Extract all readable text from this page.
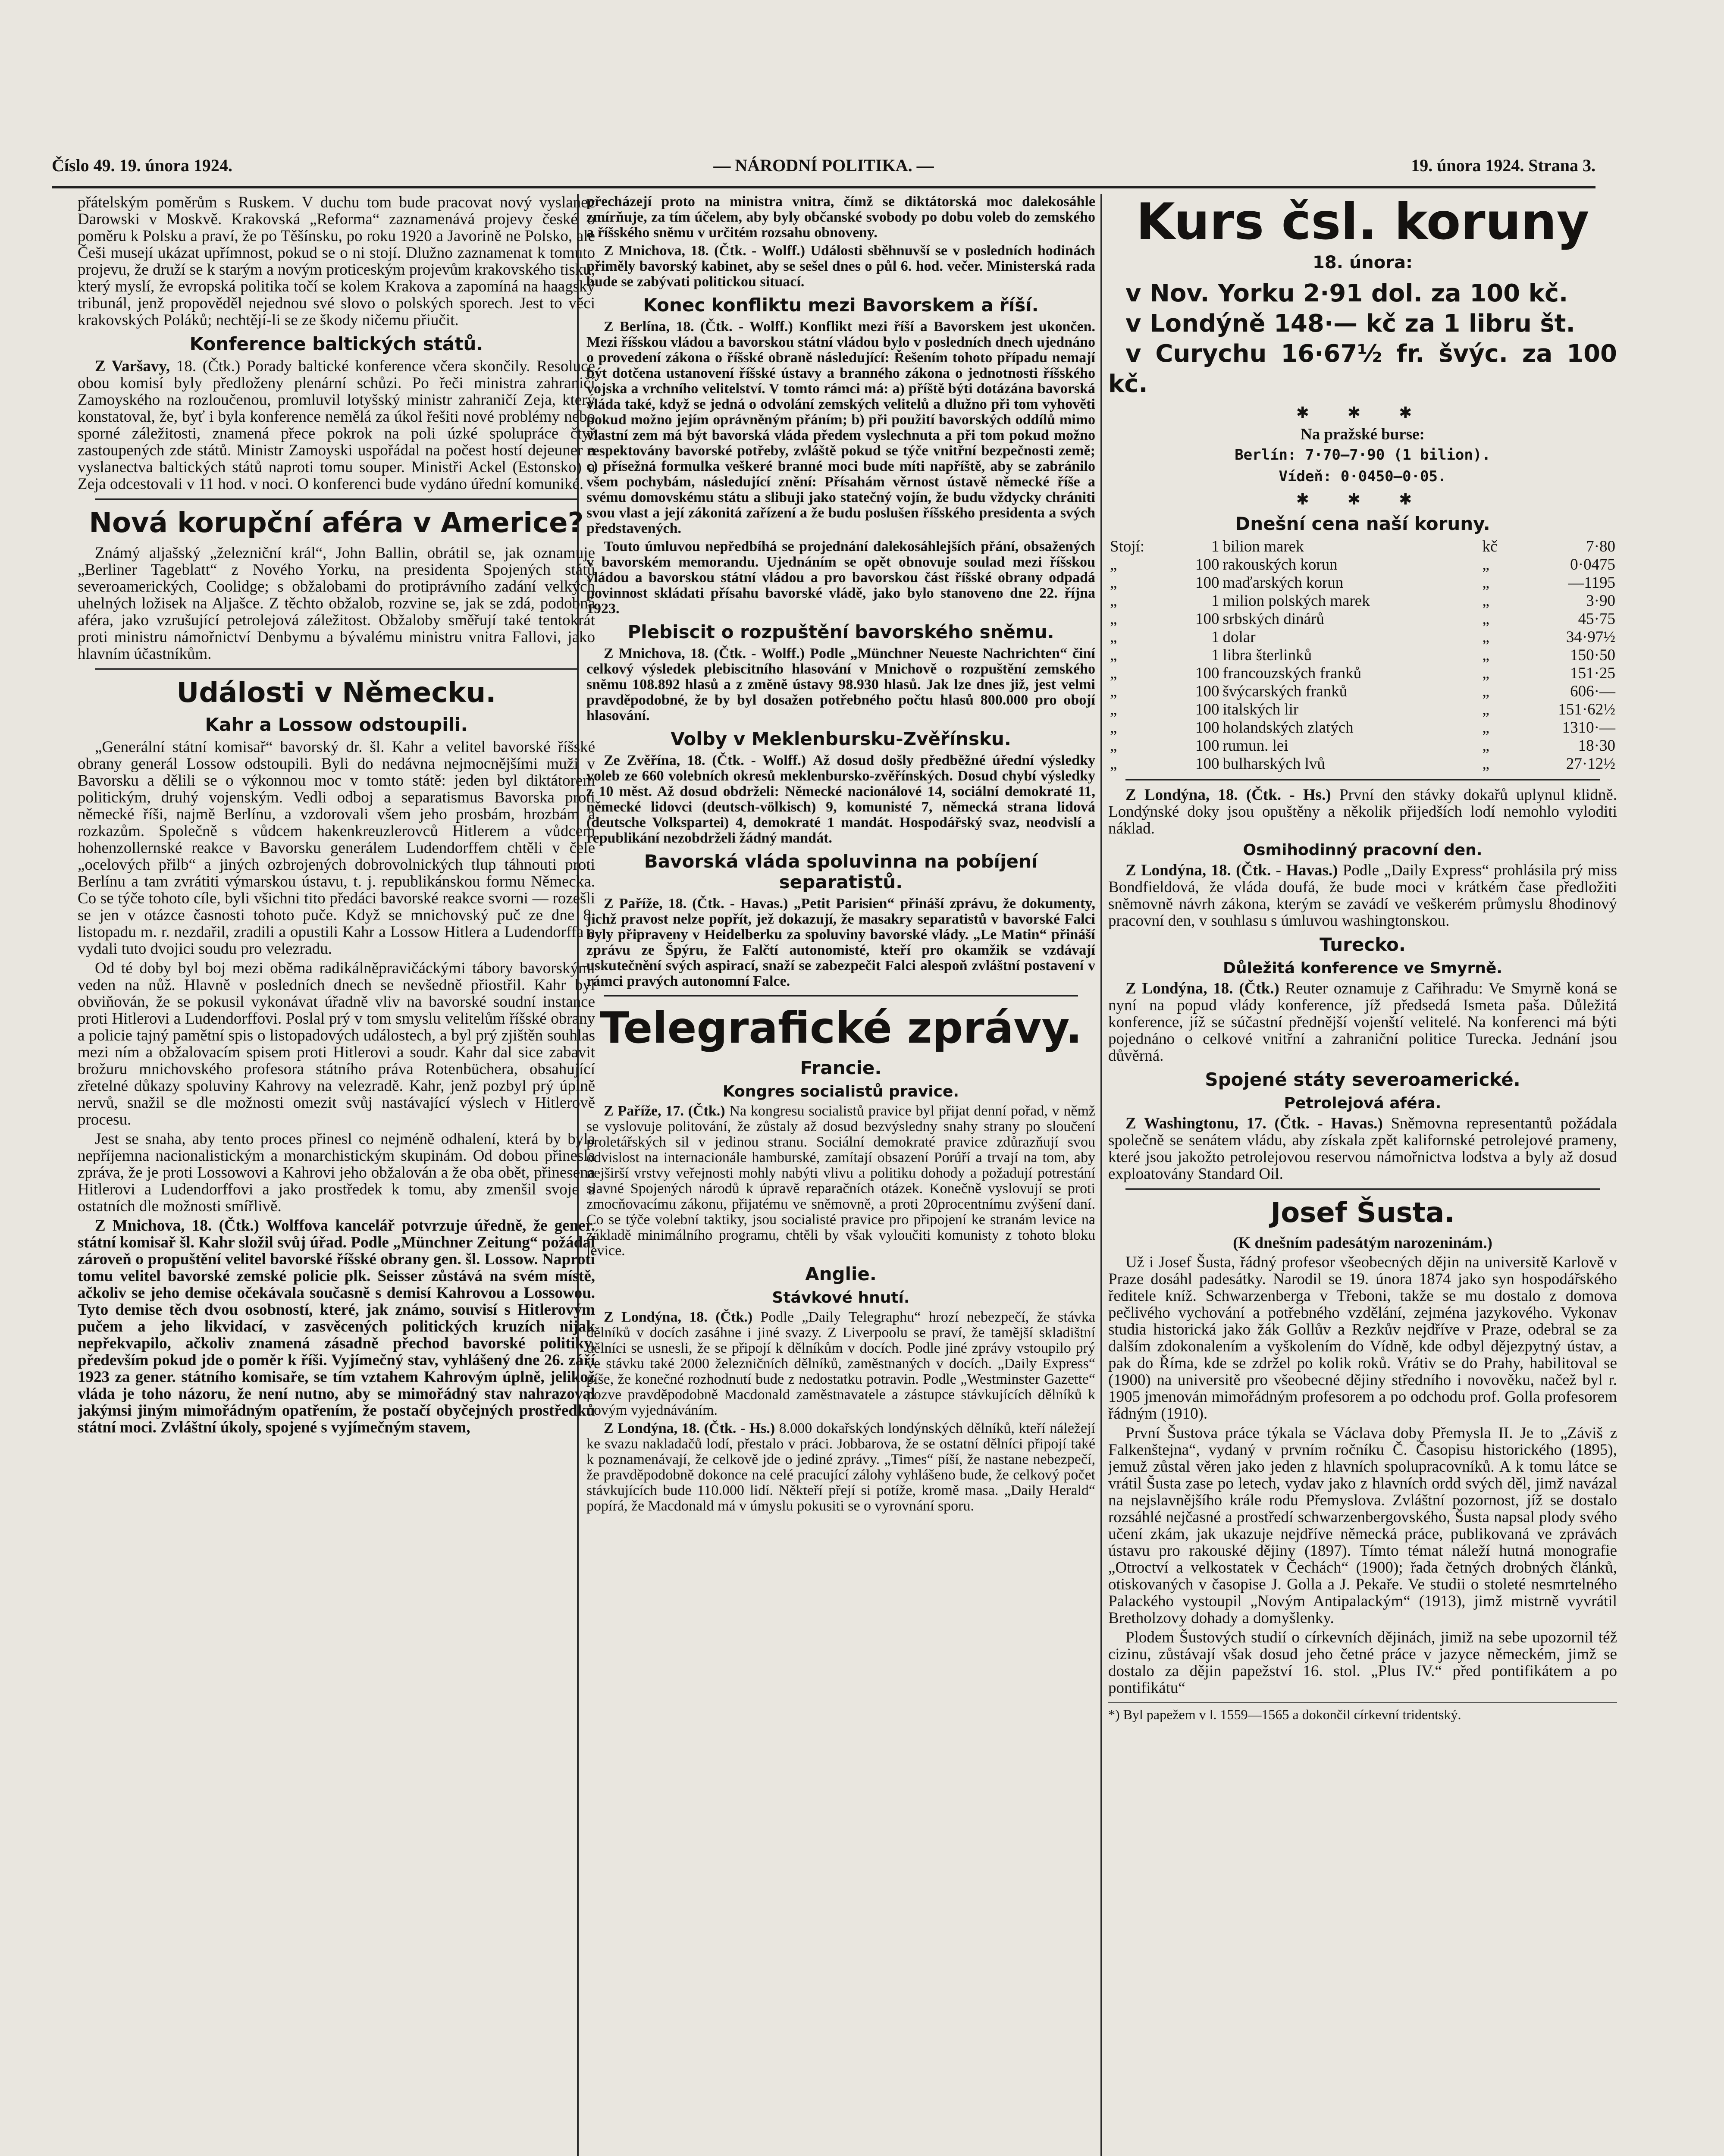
Číslo 49. 19. února 1924.	— NÁRODNÍ POLITIKA. —	19. února 1924. Strana 3.

přátelským poměrům s Ruskem. V duchu tom bude pracovat nový vyslanec Darowski v Moskvě. Krakovská „Reforma“ zaznamenává projevy české o poměru k Polsku a praví, že po Těšínsku, po roku 1920 a Javorině ne Polsko, ale Češi musejí ukázat upřímnost, pokud se o ni stojí. Dlužno zaznamenat k tomuto projevu, že druží se k starým a novým proticeským projevům krakovského tisku, který myslí, že evropská politika točí se kolem Krakova a zapomíná na haagský tribunál, jenž propověděl nejednou své slovo o polských sporech. Jest to věci krakovských Poláků; nechtějí-li se ze škody ničemu přiučit.

Konference baltických států.

Z Varšavy, 18. (Čtk.) Porady baltické konference včera skončily. Resoluce obou komisí byly předloženy plenární schůzi. Po řeči ministra zahraničí Zamoyského na rozloučenou, promluvil lotyšský ministr zahraničí Zeja, který konstatoval, že, byť i byla konference nemělá za úkol řešiti nové problémy nebo sporné záležitosti, znamená přece pokrok na poli úzké spolupráce čtyř zastoupených zde států. Ministr Zamoyski uspořádal na počest hostí dejeuner a vyslanectva baltických států naproti tomu souper. Ministři Ackel (Estonsko) a Zeja odcestovali v 11 hod. v noci. O konferenci bude vydáno úřední komuniké.

Nová korupční aféra v Americe?

Známý aljašský „železniční král“, John Ballin, obrátil se, jak oznamuje „Berliner Tageblatt“ z Nového Yorku, na presidenta Spojených států severoamerických, Coolidge; s obžalobami do protiprávního zadání velkých uhelných ložisek na Aljašce. Z těchto obžalob, rozvine se, jak se zdá, podobná aféra, jako vzrušující petrolejová záležitost. Obžaloby směřují také tentokrát proti ministru námořnictví Denbymu a bývalému ministru vnitra Fallovi, jako hlavním účastníkům.

Události v Německu.
Kahr a Lossow odstoupili.

„Generální státní komisař“ bavorský dr. šl. Kahr a velitel bavorské říšské obrany generál Lossow odstoupili. Byli do nedávna nejmocnějšími muži v Bavorsku a dělili se o výkonnou moc v tomto státě: jeden byl diktátorem politickým, druhý vojenským. Vedli odboj a separatismus Bavorska proti německé říši, najmě Berlínu, a vzdorovali všem jeho prosbám, hrozbám a rozkazům. Společně s vůdcem hakenkreuzlerovců Hitlerem a vůdcem hohenzollernské reakce v Bavorsku generálem Ludendorffem chtěli v čele „ocelových přilb“ a jiných ozbrojených dobrovolnických tlup táhnouti proti Berlínu a tam zvrátiti výmarskou ústavu, t. j. republikánskou formu Německa. Co se týče tohoto cíle, byli všichni tito předáci bavorské reakce svorni — rozešli se jen v otázce časnosti tohoto puče. Když se mnichovský puč ze dne 8. listopadu m. r. nezdařil, zradili a opustili Kahr a Lossow Hitlera a Ludendorffa a vydali tuto dvojici soudu pro velezradu.

Od té doby byl boj mezi oběma radikálněpravičáckými tábory bavorskými veden na nůž. Hlavně v posledních dnech se nevšedně přiostřil. Kahr byl obviňován, že se pokusil vykonávat úřadně vliv na bavorské soudní instance proti Hitlerovi a Ludendorffovi. Poslal prý v tom smyslu velitelům říšské obrany a policie tajný pamětní spis o listopadových událostech, a byl prý zjištěn souhlas mezi ním a obžalovacím spisem proti Hitlerovi a soudr. Kahr dal sice zabavit brožuru mnichovského profesora státního práva Rotenbüchera, obsahující zřetelné důkazy spoluviny Kahrovy na velezradě. Kahr, jenž pozbyl prý úplně nervů, snažil se dle možnosti omezit svůj nastávající výslech v Hitlerově procesu.

Jest se snaha, aby tento proces přinesl co nejméně odhalení, která by byla nepříjemna nacionalistickým a monarchistickým skupinám. Od dobou přinesla zpráva, že je proti Lossowovi a Kahrovi jeho obžalován a že oba obět, přinesena Hitlerovi a Ludendorffovi a jako prostředek k tomu, aby zmenšil svoje a ostatních dle možnosti smířlivě.

Z Mnichova, 18. (Čtk.) Wolffova kancelář potvrzuje úředně, že gener. státní komisař šl. Kahr složil svůj úřad. Podle „Münchner Zeitung“ požádal zároveň o propuštění velitel bavorské říšské obrany gen. šl. Lossow. Naproti tomu velitel bavorské zemské policie plk. Seisser zůstává na svém místě, ačkoliv se jeho demise očekávala současně s demisí Kahrovou a Lossowou. Tyto demise těch dvou osobností, které, jak známo, souvisí s Hitlerovým pučem a jeho likvidací, v zasvěcených politických kruzích nijak nepřekvapilo, ačkoliv znamená zásadně přechod bavorské politiky, především pokud jde o poměr k říši. Vyjímečný stav, vyhlášený dne 26. září 1923 za gener. státního komisaře, se tím vztahem Kahrovým úplně, jelikož vláda je toho názoru, že není nutno, aby se mimořádný stav nahrazoval jakýmsi jiným mimořádným opatřením, že postačí obyčejných prostředků státní moci. Zvláštní úkoly, spojené s vyjímečným stavem,

přecházejí proto na ministra vnitra, čímž se diktátorská moc dalekosáhle zmírňuje, za tím účelem, aby byly občanské svobody po dobu voleb do zemského a říšského sněmu v určitém rozsahu obnoveny.

Z Mnichova, 18. (Čtk. - Wolff.) Události sběhnuvší se v posledních hodinách přiměly bavorský kabinet, aby se sešel dnes o půl 6. hod. večer. Ministerská rada bude se zabývati politickou situací.

Konec konfliktu mezi Bavorskem a říší.

Z Berlína, 18. (Čtk. - Wolff.) Konflikt mezi říší a Bavorskem jest ukončen. Mezi říšskou vládou a bavorskou státní vládou bylo v posledních dnech ujednáno o provedení zákona o říšské obraně následující: Řešením tohoto případu nemají být dotčena ustanovení říšské ústavy a branného zákona o jednotnosti říšského vojska a vrchního velitelství. V tomto rámci má: a) příště býti dotázána bavorská vláda také, když se jedná o odvolání zemských velitelů a dlužno při tom vyhověti pokud možno jejím oprávněným přáním; b) při použití bavorských oddílů mimo vlastní zem má být bavorská vláda předem vyslechnuta a při tom pokud možno respektovány bavorské potřeby, zvláště pokud se týče vnitřní bezpečnosti země; c) přísežná formulka veškeré branné moci bude míti napříště, aby se zabránilo všem pochybám, následující znění: Přísahám věrnost ústavě německé říše a svému domovskému státu a slibuji jako statečný vojín, že budu vždycky chrániti svou vlast a její zákonitá zařízení a že budu poslušen říšského presidenta a svých představených.

Touto úmluvou nepředbíhá se projednání dalekosáhlejších přání, obsažených v bavorském memorandu. Ujednáním se opět obnovuje soulad mezi říšskou vládou a bavorskou státní vládou a pro bavorskou část říšské obrany odpadá povinnost skládati přísahu bavorské vládě, jako bylo stanoveno dne 22. října 1923.

Plebiscit o rozpuštění bavorského sněmu.

Z Mnichova, 18. (Čtk. - Wolff.) Podle „Münchner Neueste Nachrichten“ činí celkový výsledek plebiscitního hlasování v Mnichově o rozpuštění zemského sněmu 108.892 hlasů a z změně ústavy 98.930 hlasů. Jak lze dnes již, jest velmi pravděpodobné, že by byl dosažen potřebného počtu hlasů 800.000 pro obojí hlasování.

Volby v Meklenbursku-Zvěřínsku.

Ze Zvěřína, 18. (Čtk. - Wolff.) Až dosud došly předběžné úřední výsledky voleb ze 660 volebních okresů meklenbursko-zvěřínských. Dosud chybí výsledky z 10 měst. Až dosud obdrželi: Německé nacionálové 14, sociální demokraté 11, německé lidovci (deutsch-völkisch) 9, komunisté 7, německá strana lidová (deutsche Volkspartei) 4, demokraté 1 mandát. Hospodářský svaz, neodvislí a republikání nezobdrželi žádný mandát.

Bavorská vláda spoluvinna na pobíjení separatistů.

Z Paříže, 18. (Čtk. - Havas.) „Petit Parisien“ přináší zprávu, že dokumenty, jichž pravost nelze popřít, jež dokazují, že masakry separatistů v bavorské Falci byly připraveny v Heidelberku za spoluviny bavorské vlády. „Le Matin“ přináší zprávu ze Špýru, že Falčtí autonomisté, kteří pro okamžik se vzdávají uskutečnění svých aspirací, snaží se zabezpečit Falci alespoň zvláštní postavení v rámci pravých autonomní Falce.

Telegrafické zprávy.
Francie.
Kongres socialistů pravice.

Z Paříže, 17. (Čtk.) Na kongresu socialistů pravice byl přijat denní pořad, v němž se vyslovuje politování, že zůstaly až dosud bezvýsledny snahy strany po sloučení proletářských sil v jedinou stranu. Sociální demokraté pravice zdůrazňují svou odvislost na internacionále hamburské, zamítají obsazení Porúří a trvají na tom, aby nejširší vrstvy veřejnosti mohly nabýti vlivu a politiku dohody a požadují potrestání slavné Spojených národů k úpravě reparačních otázek. Konečně vyslovují se proti zmocňovacímu zákonu, přijatému ve sněmovně, a proti 20procentnímu zvýšení daní. Co se týče volební taktiky, jsou socialisté pravice pro připojení ke stranám levice na základě minimálního programu, chtěli by však vyloučiti komunisty z tohoto bloku levice.

Anglie.
Stávkové hnutí.

Z Londýna, 18. (Čtk.) Podle „Daily Telegraphu“ hrozí nebezpečí, že stávka dělníků v docích zasáhne i jiné svazy. Z Liverpoolu se praví, že tamější skladištní dělníci se usnesli, že se připojí k dělníkům v docích. Podle jiné zprávy vstoupilo prý ve stávku také 2000 železničních dělníků, zaměstnaných v docích. „Daily Express“ píše, že konečné rozhodnutí bude z nedostatku potravin. Podle „Westminster Gazette“ pozve pravděpodobně Macdonald zaměstnavatele a zástupce stávkujících dělníků k novým vyjednáváním.

Z Londýna, 18. (Čtk. - Hs.) 8.000 dokařských londýnských dělníků, kteří náležejí ke svazu nakladačů lodí, přestalo v práci. Jobbarova, že se ostatní dělníci připojí také k poznamenávají, že celkově jde o jediné zprávy. „Times“ píší, že nastane nebezpečí, že pravděpodobně dokonce na celé pracující zálohy vyhlášeno bude, že celkový počet stávkujících bude 110.000 lidí. Někteří přejí si potíže, kromě masa. „Daily Herald“ popírá, že Macdonald má v úmyslu pokusiti se o vyrovnání sporu.

Kurs čsl. koruny
18. února:

v Nov. Yorku 2·91 dol. za 100 kč.

v Londýně 148·— kč za 1 libru št.

v Curychu 16·67½ fr. švýc. za 100 kč.

✱ ✱ ✱

Na pražské burse:

Berlín: 7·70—7·90 (1 bilion).

Vídeň: 0·0450—0·05.

✱ ✱ ✱
Dnešní cena naší koruny.
Stojí:	1	bilion marek	kč	7·80
„	100	rakouských korun	„	0·0475
„	100	maďarských korun	„	—1195
„	1	milion polských marek	„	3·90
„	100	srbských dinárů	„	45·75
„	1	dolar	„	34·97½
„	1	libra šterlinků	„	150·50
„	100	francouzských franků	„	151·25
„	100	švýcarských franků	„	606·—
„	100	italských lir	„	151·62½
„	100	holandských zlatých	„	1310·—
„	100	rumun. lei	„	18·30
„	100	bulharských lvů	„	27·12½

Z Londýna, 18. (Čtk. - Hs.) První den stávky dokařů uplynul klidně. Londýnské doky jsou opuštěny a několik přijedších lodí nemohlo vyloditi náklad.

Osmihodinný pracovní den.

Z Londýna, 18. (Čtk. - Havas.) Podle „Daily Express“ prohlásila prý miss Bondfieldová, že vláda doufá, že bude moci v krátkém čase předložiti sněmovně návrh zákona, kterým se zavádí ve veškerém průmyslu 8hodinový pracovní den, v souhlasu s úmluvou washingtonskou.

Turecko.
Důležitá konference ve Smyrně.

Z Londýna, 18. (Čtk.) Reuter oznamuje z Cařihradu: Ve Smyrně koná se nyní na popud vlády konference, jíž předsedá Ismeta paša. Důležitá konference, jíž se súčastní přednější vojenští velitelé. Na konferenci má býti pojednáno o celkové vnitřní a zahraniční politice Turecka. Jednání jsou důvěrná.

Spojené státy severoamerické.
Petrolejová aféra.

Z Washingtonu, 17. (Čtk. - Havas.) Sněmovna representantů požádala společně se senátem vládu, aby získala zpět kalifornské petrolejové prameny, které jsou jakožto petrolejovou reservou námořnictva lodstva a byly až dosud exploatovány Standard Oil.

Josef Šusta.

(K dnešním padesátým narozeninám.)

Už i Josef Šusta, řádný profesor všeobecných dějin na universitě Karlově v Praze dosáhl padesátky. Narodil se 19. února 1874 jako syn hospodářského ředitele kníž. Schwarzenberga v Třeboni, takže se mu dostalo z domova pečlivého vychování a potřebného vzdělání, zejména jazykového. Vykonav studia historická jako žák Gollův a Rezkův nejdříve v Praze, odebral se za dalším zdokonalením a vyškolením do Vídně, kde odbyl dějezpytný ústav, a pak do Říma, kde se zdržel po kolik roků. Vrátiv se do Prahy, habilitoval se (1900) na universitě pro všeobecné dějiny středního i novověku, načež byl r. 1905 jmenován mimořádným profesorem a po odchodu prof. Golla profesorem řádným (1910).

První Šustova práce týkala se Václava doby Přemysla II. Je to „Záviš z Falkenštejna“, vydaný v prvním ročníku Č. Časopisu historického (1895), jemuž zůstal věren jako jeden z hlavních spolupracovníků. A k tomu látce se vrátil Šusta zase po letech, vydav jako z hlavních ordd svých děl, jimž navázal na nejslavnějšího krále rodu Přemyslova. Zvláštní pozornost, jíž se dostalo rozsáhlé nejčasné a prostředí schwarzenbergovského, Šusta napsal plody svého učení zkám, jak ukazuje nejdříve německá práce, publikovaná ve zprávách ústavu pro rakouské dějiny (1897). Tímto témat náleží hutná monografie „Otroctví a velkostatek v Čechách“ (1900); řada četných drobných článků, otiskovaných v časopise J. Golla a J. Pekaře. Ve studii o stoleté nesmrtelného Palackého vystoupil „Novým Antipalackým“ (1913), jimž mistrně vyvrátil Bretholzovy dohady a domyšlenky.

Plodem Šustových studií o církevních dějinách, jimiž na sebe upozornil též cizinu, zůstávají však dosud jeho četné práce v jazyce německém, jimž se dostalo za dějin papežství 16. stol. „Plus IV.“ před pontifikátem a po pontifikátu“

*) Byl papežem v l. 1559—1565 a dokončil církevní tridentský.
